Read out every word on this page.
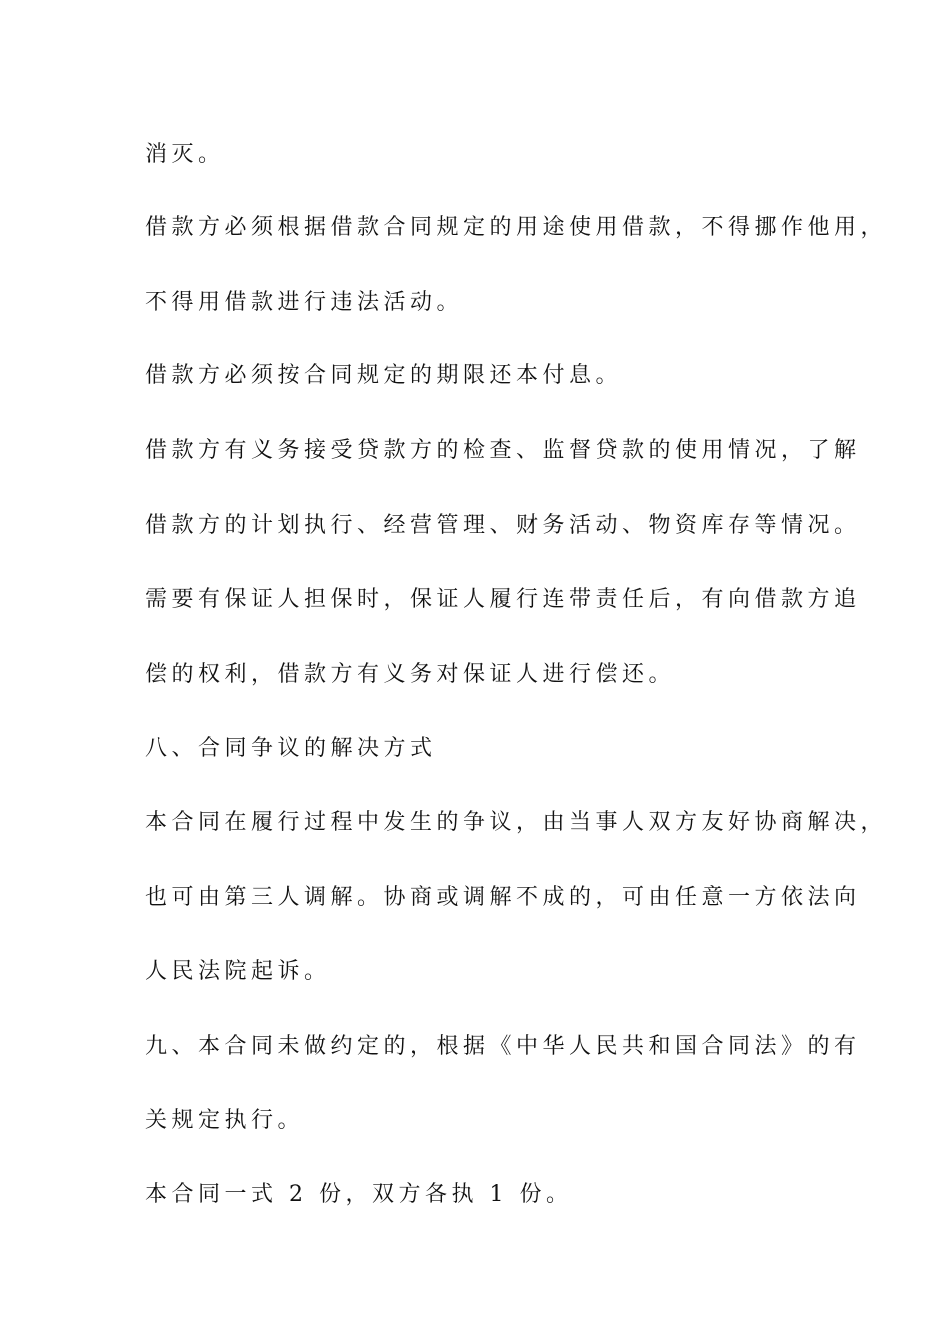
消灭。

借款方必须根据借款合同规定的用途使用借款，不得挪作他用，

不得用借款进行违法活动。

借款方必须按合同规定的期限还本付息。

借款方有义务接受贷款方的检查、监督贷款的使用情况，了解

借款方的计划执行、经营管理、财务活动、物资库存等情况。

需要有保证人担保时，保证人履行连带责任后，有向借款方追

偿的权利，借款方有义务对保证人进行偿还。

八、合同争议的解决方式

本合同在履行过程中发生的争议，由当事人双方友好协商解决，

也可由第三人调解。协商或调解不成的，可由任意一方依法向

人民法院起诉。

九、本合同未做约定的，根据《中华人民共和国合同法》的有

关规定执行。

本合同一式 2 份，双方各执 1 份。
